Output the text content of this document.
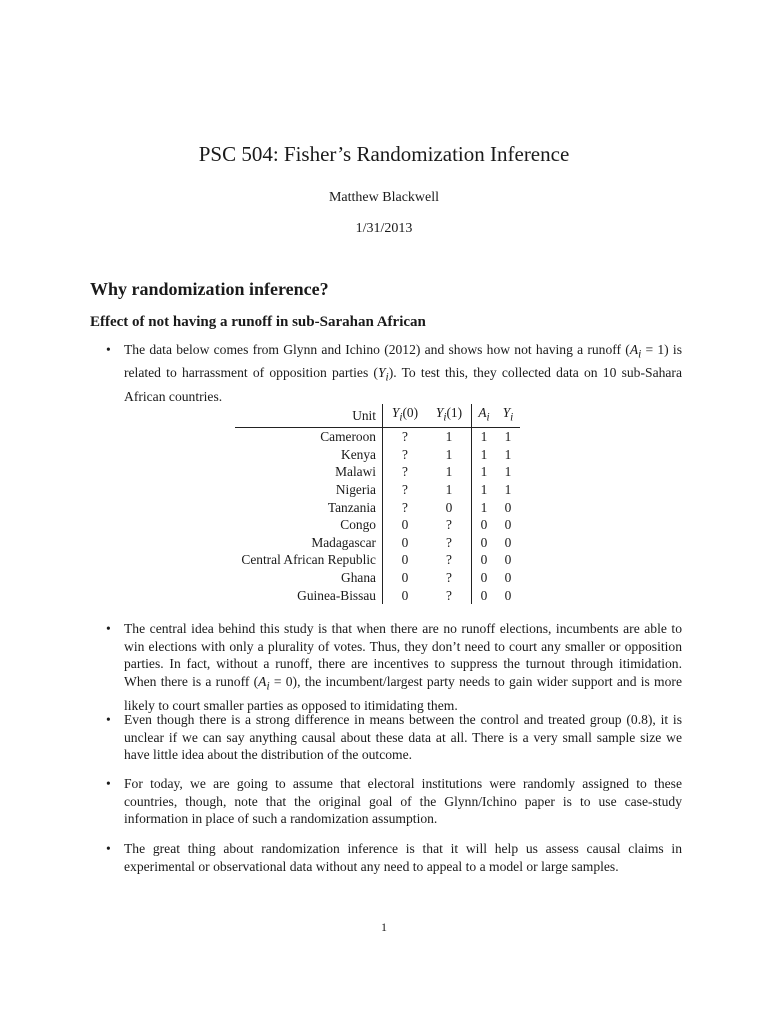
PSC 504: Fisher’s Randomization Inference
Matthew Blackwell
1/31/2013
Why randomization inference?
Effect of not having a runoff in sub-Sarahan African
• The data below comes from Glynn and Ichino (2012) and shows how not having a runoff $(A_i = 1)$ is related to harrassment of opposition parties $(Y_i)$. To test this, they collected data on 10 sub-Sahara African countries.
Unit	$Y_i(0)$	$Y_i(1)$	$A_i$	$Y_i$
Cameroon	?	1	1	1
Kenya	?	1	1	1
Malawi	?	1	1	1
Nigeria	?	1	1	1
Tanzania	?	0	1	0
Congo	0	?	0	0
Madagascar	0	?	0	0
Central African Republic	0	?	0	0
Ghana	0	?	0	0
Guinea-Bissau	0	?	0	0
• The central idea behind this study is that when there are no runoff elections, incumbents are able to win elections with only a plurality of votes. Thus, they don’t need to court any smaller or opposition parties. In fact, without a runoff, there are incentives to suppress the turnout through itimidation. When there is a runoff $(A_i = 0)$, the incumbent/largest party needs to gain wider support and is more likely to court smaller parties as opposed to itimidating them.
• Even though there is a strong difference in means between the control and treated group (0.8), it is unclear if we can say anything causal about these data at all. There is a very small sample size we have little idea about the distribution of the outcome.
• For today, we are going to assume that electoral institutions were randomly assigned to these countries, though, note that the original goal of the Glynn/Ichino paper is to use case-study information in place of such a randomization assumption.
• The great thing about randomization inference is that it will help us assess causal claims in experimental or observational data without any need to appeal to a model or large samples.
1
